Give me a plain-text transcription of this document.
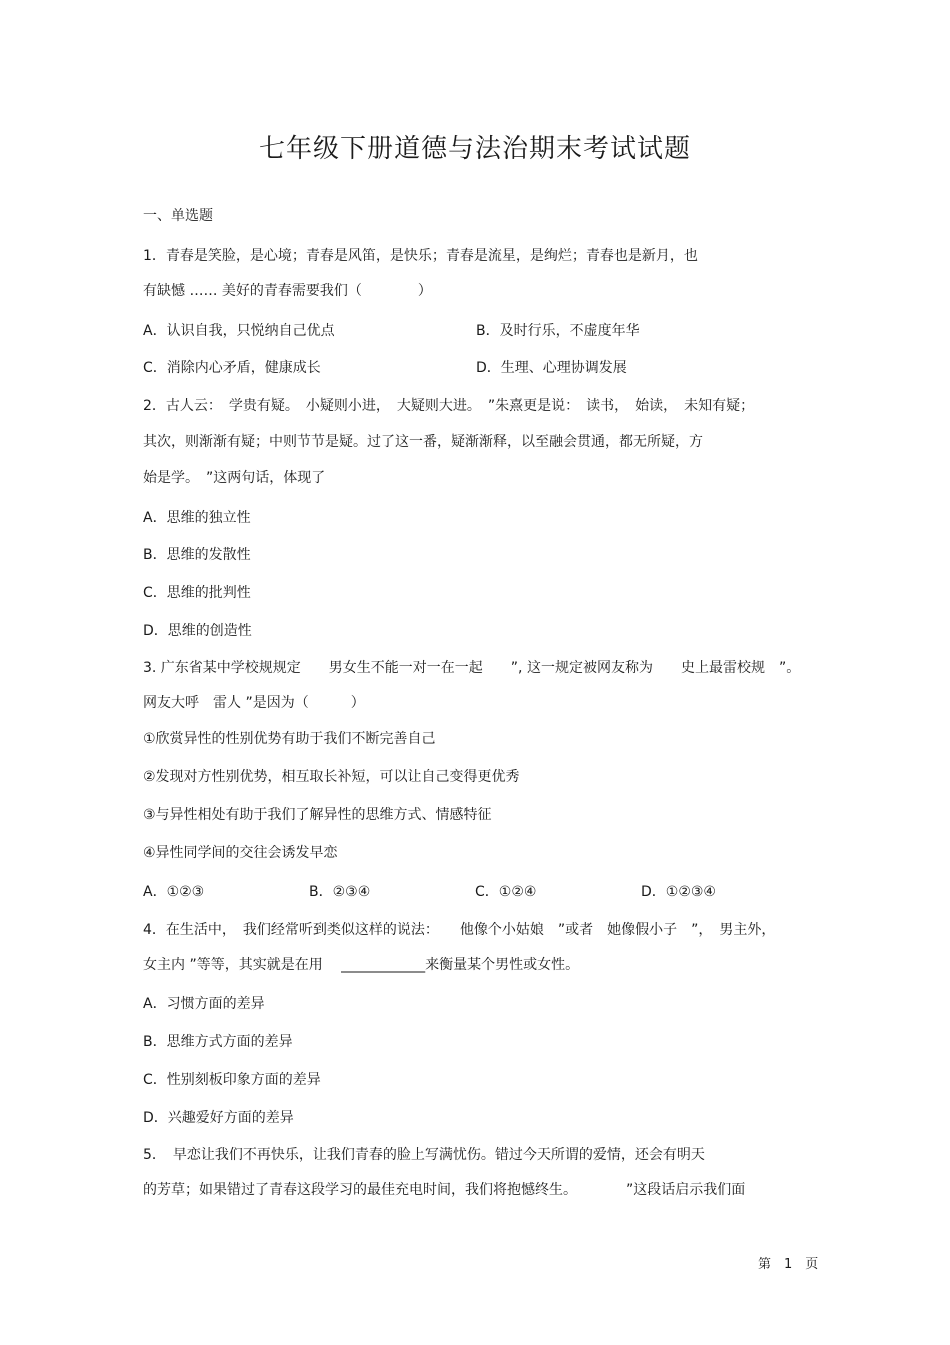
七年级下册道德与法治期末考试试题

一、单选题

1．青春是笑脸，是心境；青春是风笛，是快乐；青春是流星，是绚烂；青春也是新月，也

有缺憾 …… 美好的青春需要我们（　　　　）

A．认识自我，只悦纳自己优点	B．及时行乐，不虚度年华
C．消除内心矛盾，健康成长	D．生理、心理协调发展

2．古人云：　学贵有疑。　小疑则小进，　大疑则大进。　”朱熹更是说：　读书，　始读，　未知有疑；

其次，则渐渐有疑；中则节节是疑。过了这一番，疑渐渐释，以至融会贯通，都无所疑，方

始是学。　”这两句话，体现了

A．思维的独立性

B．思维的发散性

C．思维的批判性

D．思维的创造性

3. 广东省某中学校规规定　　男女生不能一对一在一起　　”, 这一规定被网友称为　　史上最雷校规　”。

网友大呼　雷人 ”是因为（　　　）

①欣赏异性的性别优势有助于我们不断完善自己

②发现对方性别优势，相互取长补短，可以让自己变得更优秀

③与异性相处有助于我们了解异性的思维方式、情感特征

④异性同学间的交往会诱发早恋

A．①②③	B．②③④	C．①②④	D．①②③④

4．在生活中，　我们经常听到类似这样的说法：　　他像个小姑娘　”或者　她像假小子　”，　男主外，

女主内 ”等等，其实就是在用　 ____________来衡量某个男性或女性。

A．习惯方面的差异

B．思维方式方面的差异

C．性别刻板印象方面的差异

D．兴趣爱好方面的差异

5．　早恋让我们不再快乐，让我们青春的脸上写满忧伤。错过今天所谓的爱情，还会有明天

的芳草；如果错过了青春这段学习的最佳充电时间，我们将抱憾终生。　　　　”这段话启示我们面

第　1　页
